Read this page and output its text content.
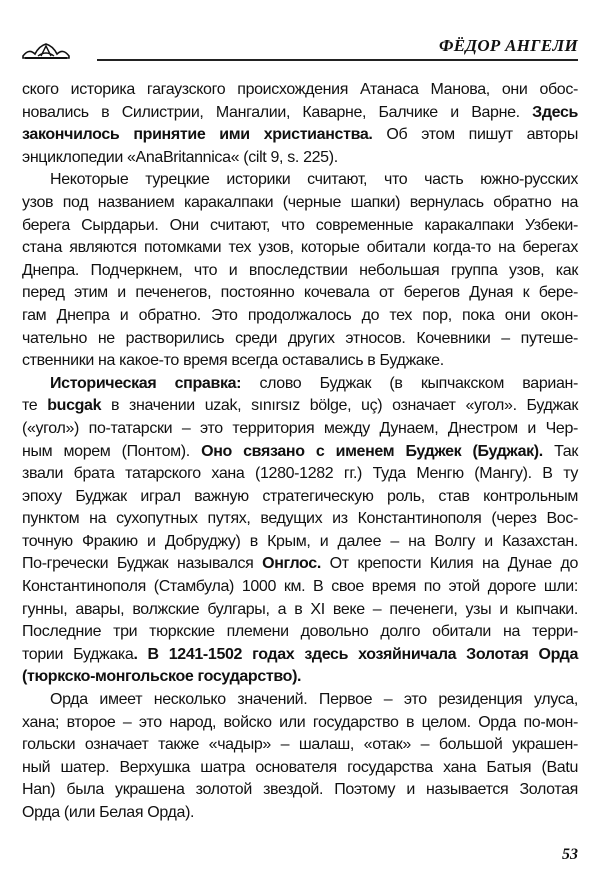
ФЁДОР АНГЕЛИ
ского историка гагаузского происхождения Атанаса Манова, они обос-
новались в Силистрии, Мангалии, Каварне, Балчике и Варне. Здесь
закончилось принятие ими христианства. Об этом пишут авторы
энциклопедии «AnaBritannica« (cilt 9, s. 225).
Некоторые турецкие историки считают, что часть южно-русских
узов под названием каракалпаки (черные шапки) вернулась обратно на
берега Сырдарьи. Они считают, что современные каракалпаки Узбеки-
стана являются потомками тех узов, которые обитали когда-то на берегах
Днепра. Подчеркнем, что и впоследствии небольшая группа узов, как
перед этим и печенегов, постоянно кочевала от берегов Дуная к бере-
гам Днепра и обратно. Это продолжалось до тех пор, пока они окон-
чательно не растворились среди других этносов. Кочевники – путеше-
ственники на какое-то время всегда оставались в Буджаке.
Историческая справка: слово Буджак (в кыпчакском вариан-
те bucgak в значении uzak, sınırsız bölge, uç) означает «угол». Буджак
(«угол») по-татарски – это территория между Дунаем, Днестром и Чер-
ным морем (Понтом). Оно связано с именем Буджек (Буджак). Так
звали брата татарского хана (1280-1282 гг.) Туда Менгю (Мангу). В ту
эпоху Буджак играл важную стратегическую роль, став контрольным
пунктом на сухопутных путях, ведущих из Константинополя (через Вос-
точную Фракию и Добруджу) в Крым, и далее – на Волгу и Казахстан.
По-гречески Буджак назывался Онглос. От крепости Килия на Дунае до
Константинополя (Стамбула) 1000 км. В свое время по этой дороге шли:
гунны, авары, волжские булгары, а в XI веке – печенеги, узы и кыпчаки.
Последние три тюркские племени довольно долго обитали на терри-
тории Буджака. В 1241-1502 годах здесь хозяйничала Золотая Орда
(тюркско-монгольское государство).
Орда имеет несколько значений. Первое – это резиденция улуса,
хана; второе – это народ, войско или государство в целом. Орда по-мон-
гольски означает также «чадыр» – шалаш, «отак» – большой украшен-
ный шатер. Верхушка шатра основателя государства хана Батыя (Batu
Han) была украшена золотой звездой. Поэтому и называется Золотая
Орда (или Белая Орда).
53
